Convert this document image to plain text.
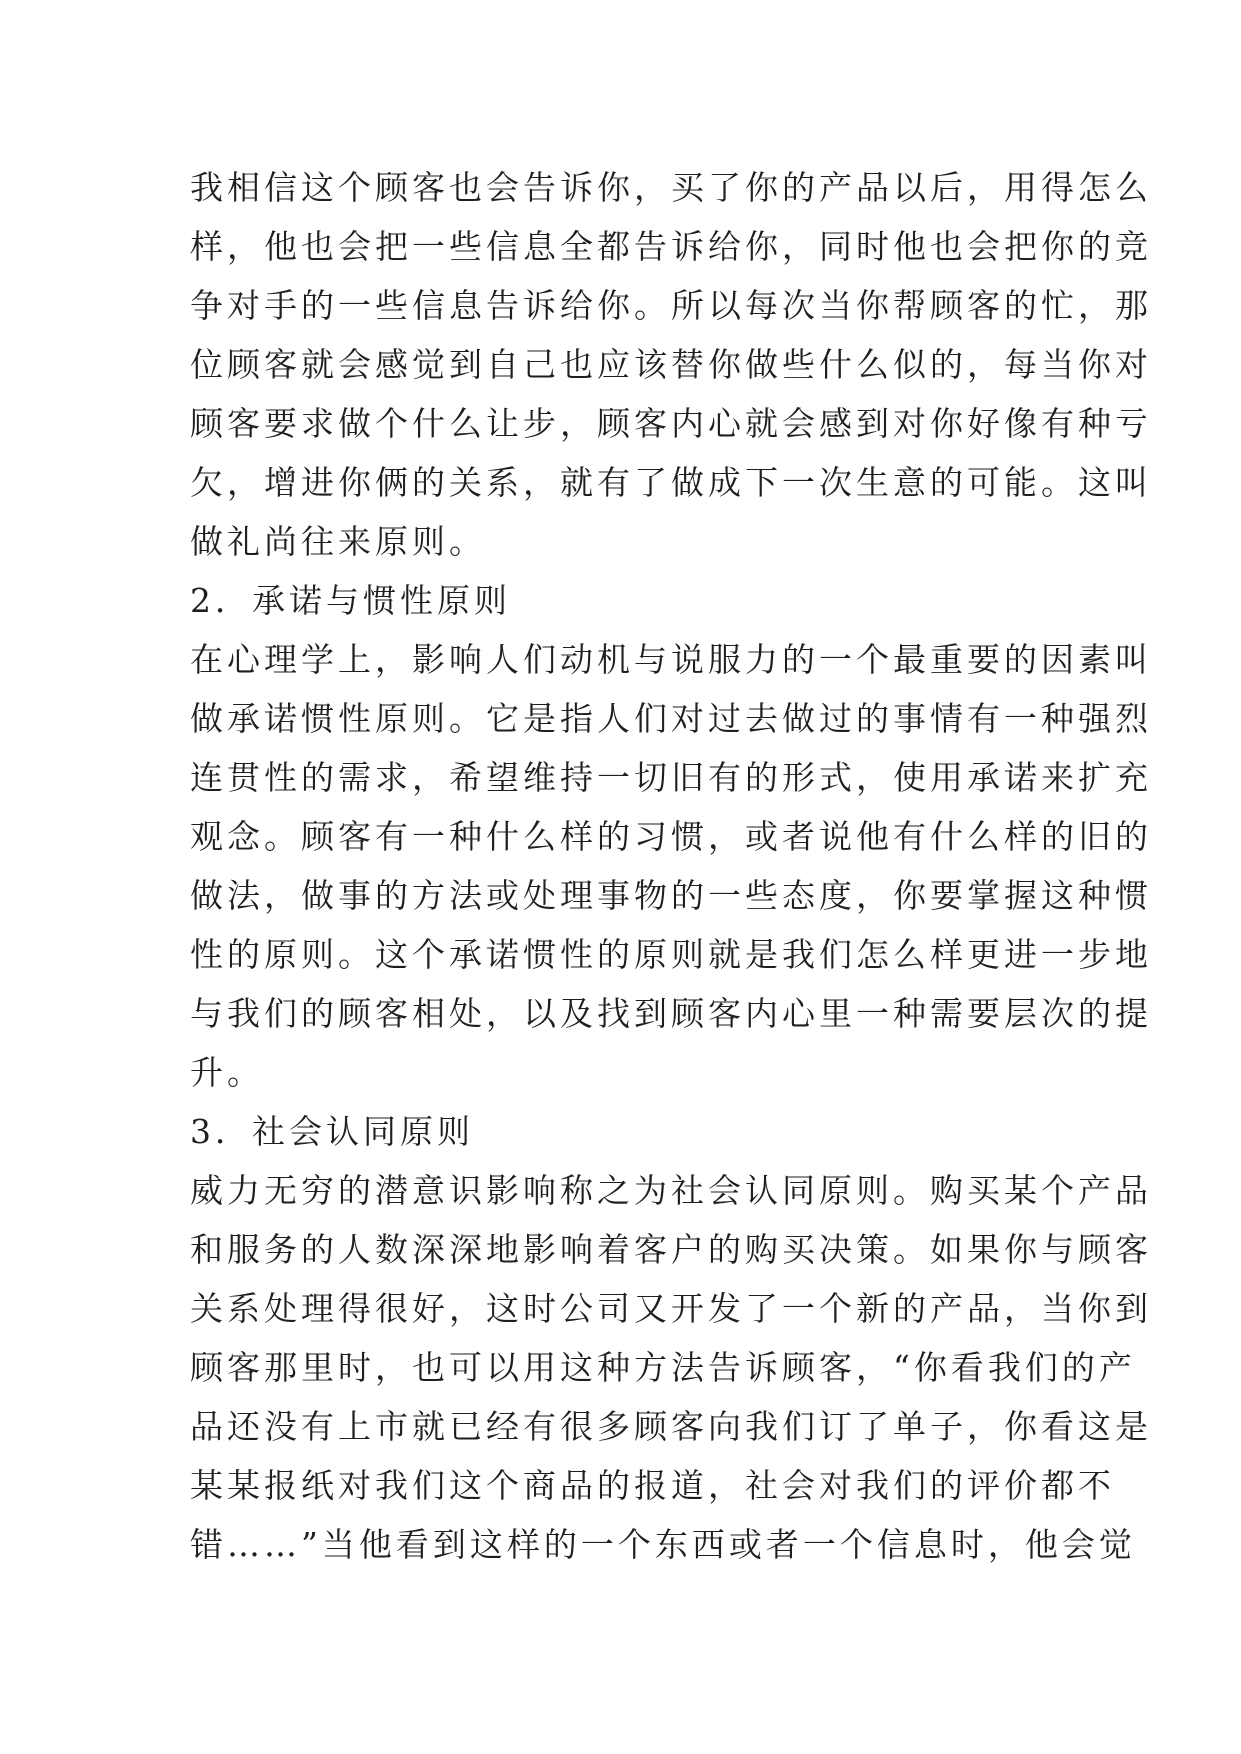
我相信这个顾客也会告诉你，买了你的产品以后，用得怎么
样，他也会把一些信息全都告诉给你，同时他也会把你的竞
争对手的一些信息告诉给你。所以每次当你帮顾客的忙，那
位顾客就会感觉到自己也应该替你做些什么似的，每当你对
顾客要求做个什么让步，顾客内心就会感到对你好像有种亏
欠，增进你俩的关系，就有了做成下一次生意的可能。这叫
做礼尚往来原则。
2．承诺与惯性原则
在心理学上，影响人们动机与说服力的一个最重要的因素叫
做承诺惯性原则。它是指人们对过去做过的事情有一种强烈
连贯性的需求，希望维持一切旧有的形式，使用承诺来扩充
观念。顾客有一种什么样的习惯，或者说他有什么样的旧的
做法，做事的方法或处理事物的一些态度，你要掌握这种惯
性的原则。这个承诺惯性的原则就是我们怎么样更进一步地
与我们的顾客相处，以及找到顾客内心里一种需要层次的提
升。
3．社会认同原则
威力无穷的潜意识影响称之为社会认同原则。购买某个产品
和服务的人数深深地影响着客户的购买决策。如果你与顾客
关系处理得很好，这时公司又开发了一个新的产品，当你到
顾客那里时，也可以用这种方法告诉顾客，“你看我们的产
品还没有上市就已经有很多顾客向我们订了单子，你看这是
某某报纸对我们这个商品的报道，社会对我们的评价都不
错……”当他看到这样的一个东西或者一个信息时，他会觉
